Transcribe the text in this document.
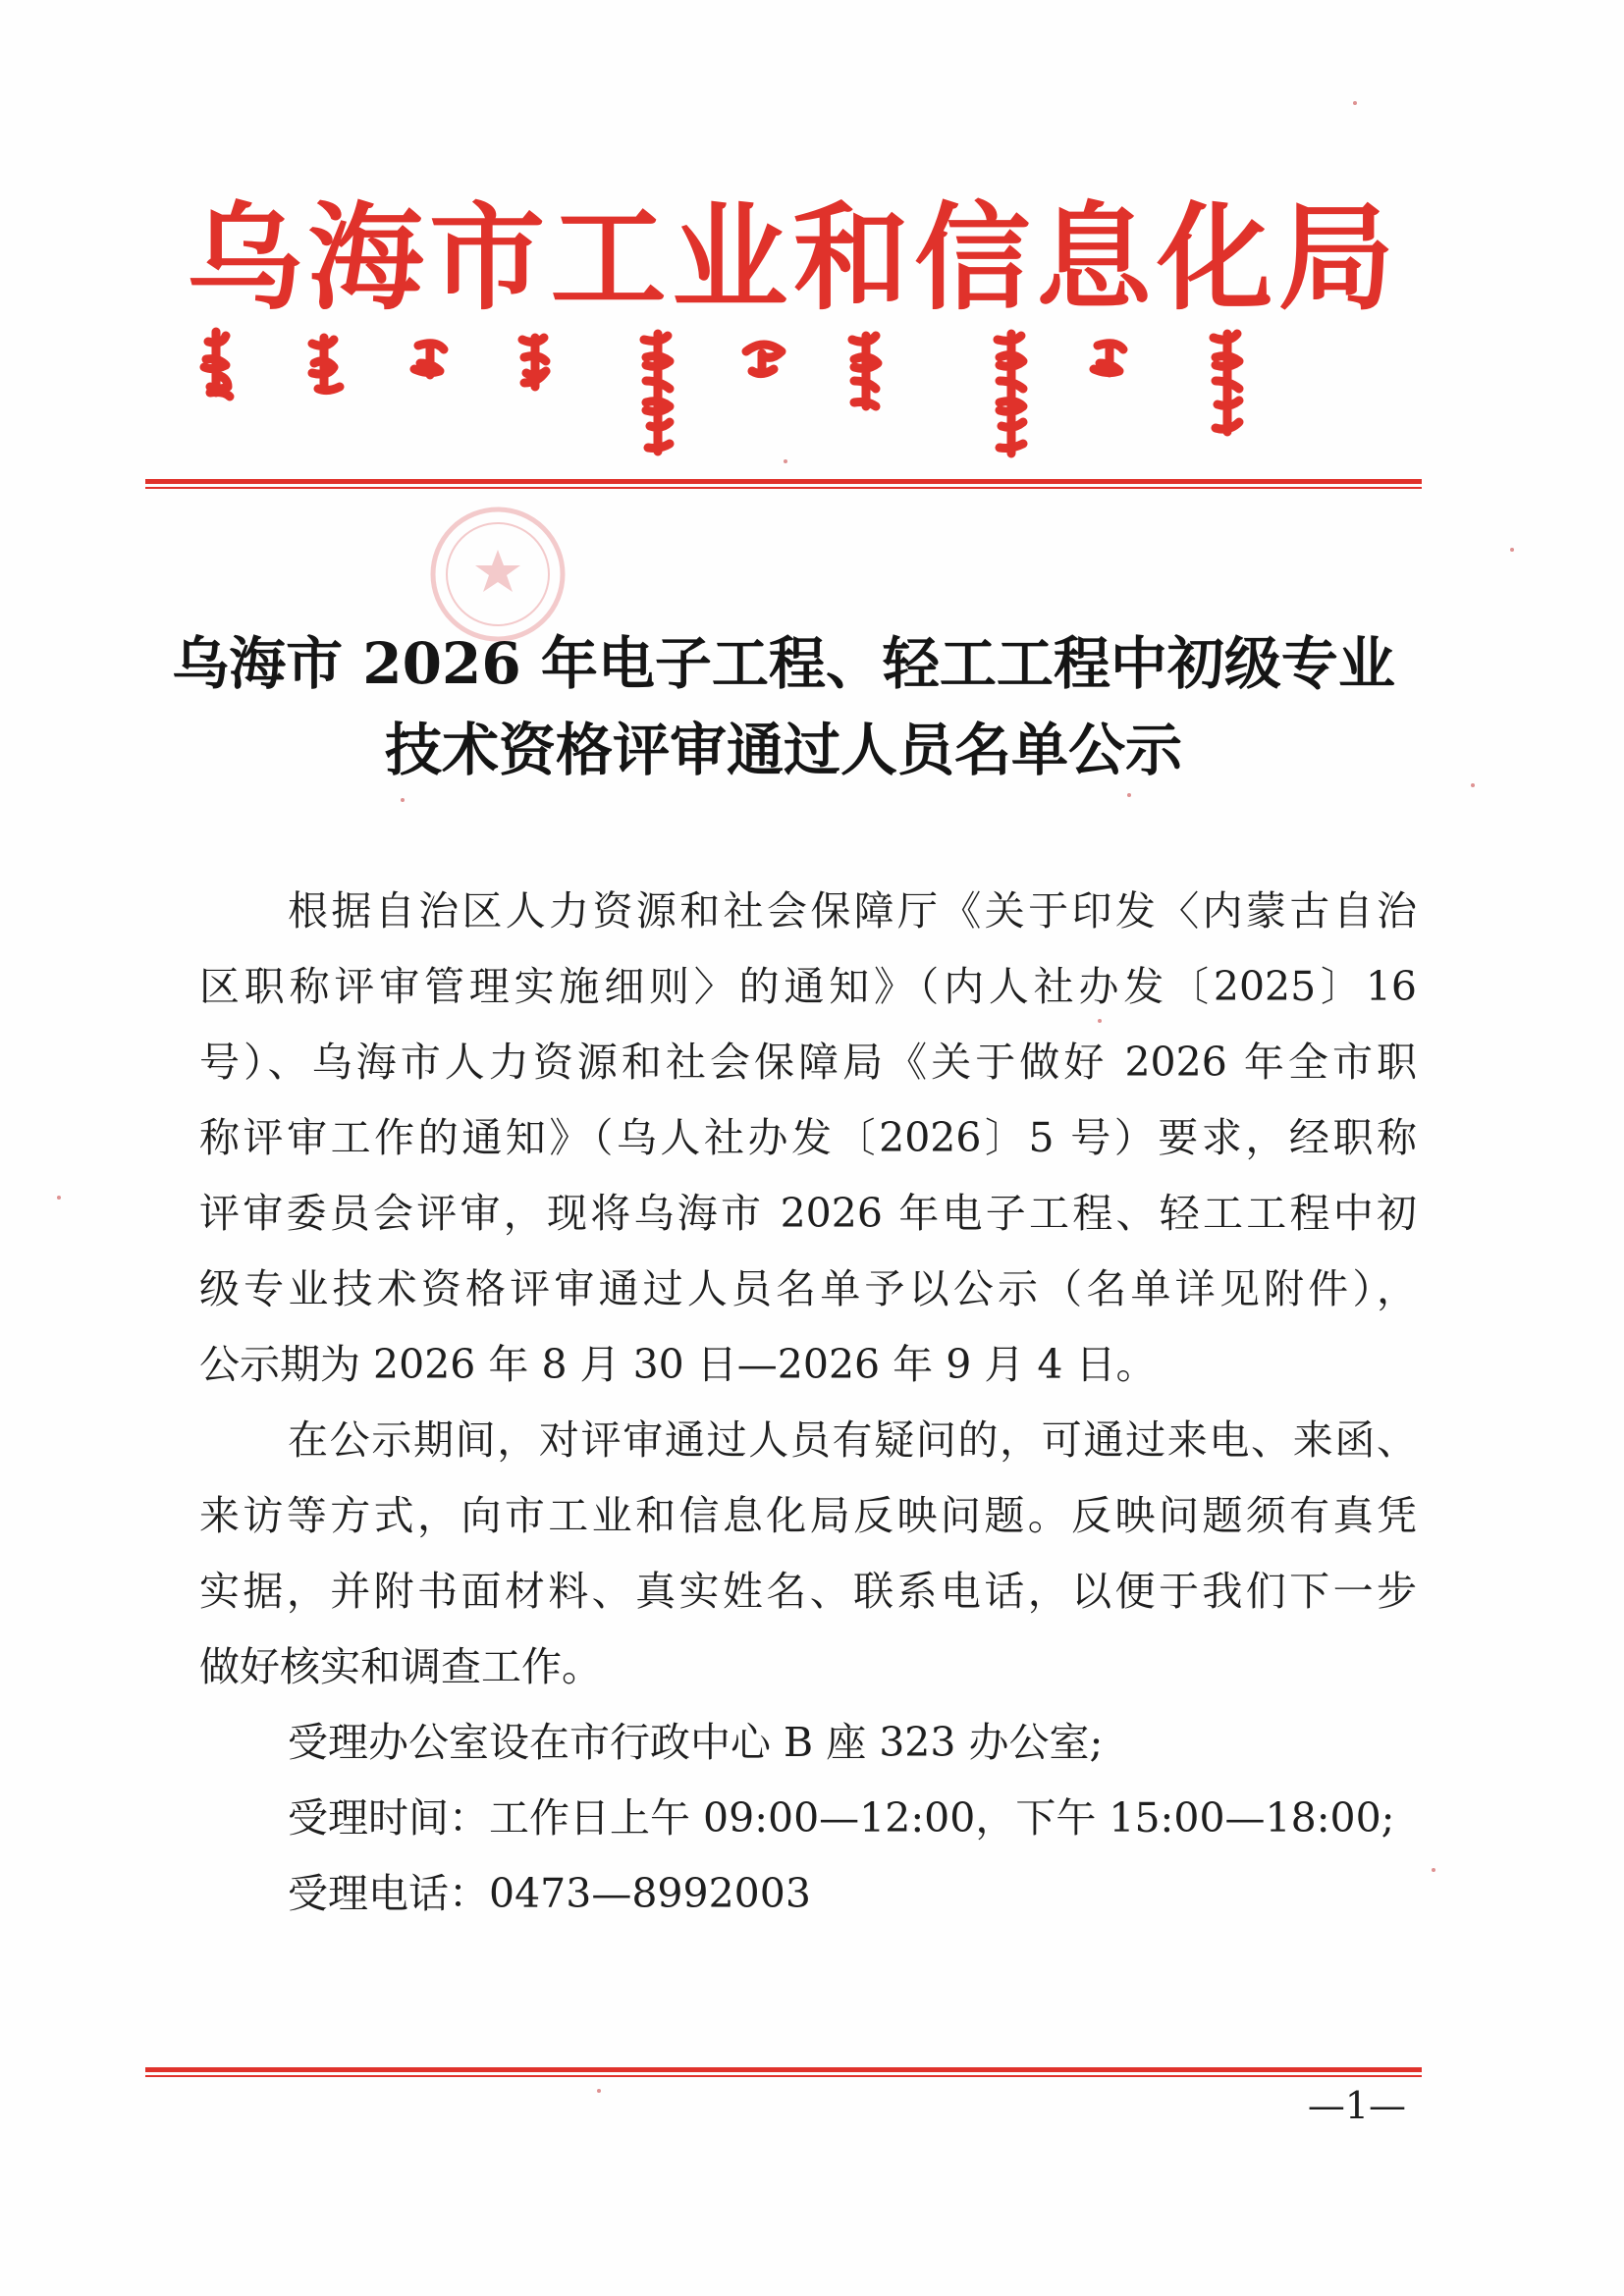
乌 海 市 工 业 和 信 息 化 局
乌海市 2026 年电子工程、轻工工程中初级专业
技术资格评审通过人员名单公示
根据自治区人力资源和社会保障厅《关于印发〈内蒙古自治
区职称评审管理实施细则〉的通知》（内人社办发〔2025〕16
号）、乌海市人力资源和社会保障局《关于做好 2026 年全市职
称评审工作的通知》（乌人社办发〔2026〕5 号）要求，经职称
评审委员会评审，现将乌海市 2026 年电子工程、轻工工程中初
级专业技术资格评审通过人员名单予以公示（名单详见附件），
公示期为 2026 年 8 月 30 日—2026 年 9 月 4 日。
在公示期间，对评审通过人员有疑问的，可通过来电、来函、
来访等方式，向市工业和信息化局反映问题。反映问题须有真凭
实据，并附书面材料、真实姓名、联系电话，以便于我们下一步
做好核实和调查工作。
受理办公室设在市行政中心 B 座 323 办公室;
受理时间：工作日上午 09:00—12:00，下午 15:00—18:00;
受理电话：0473—8992003
—1—
